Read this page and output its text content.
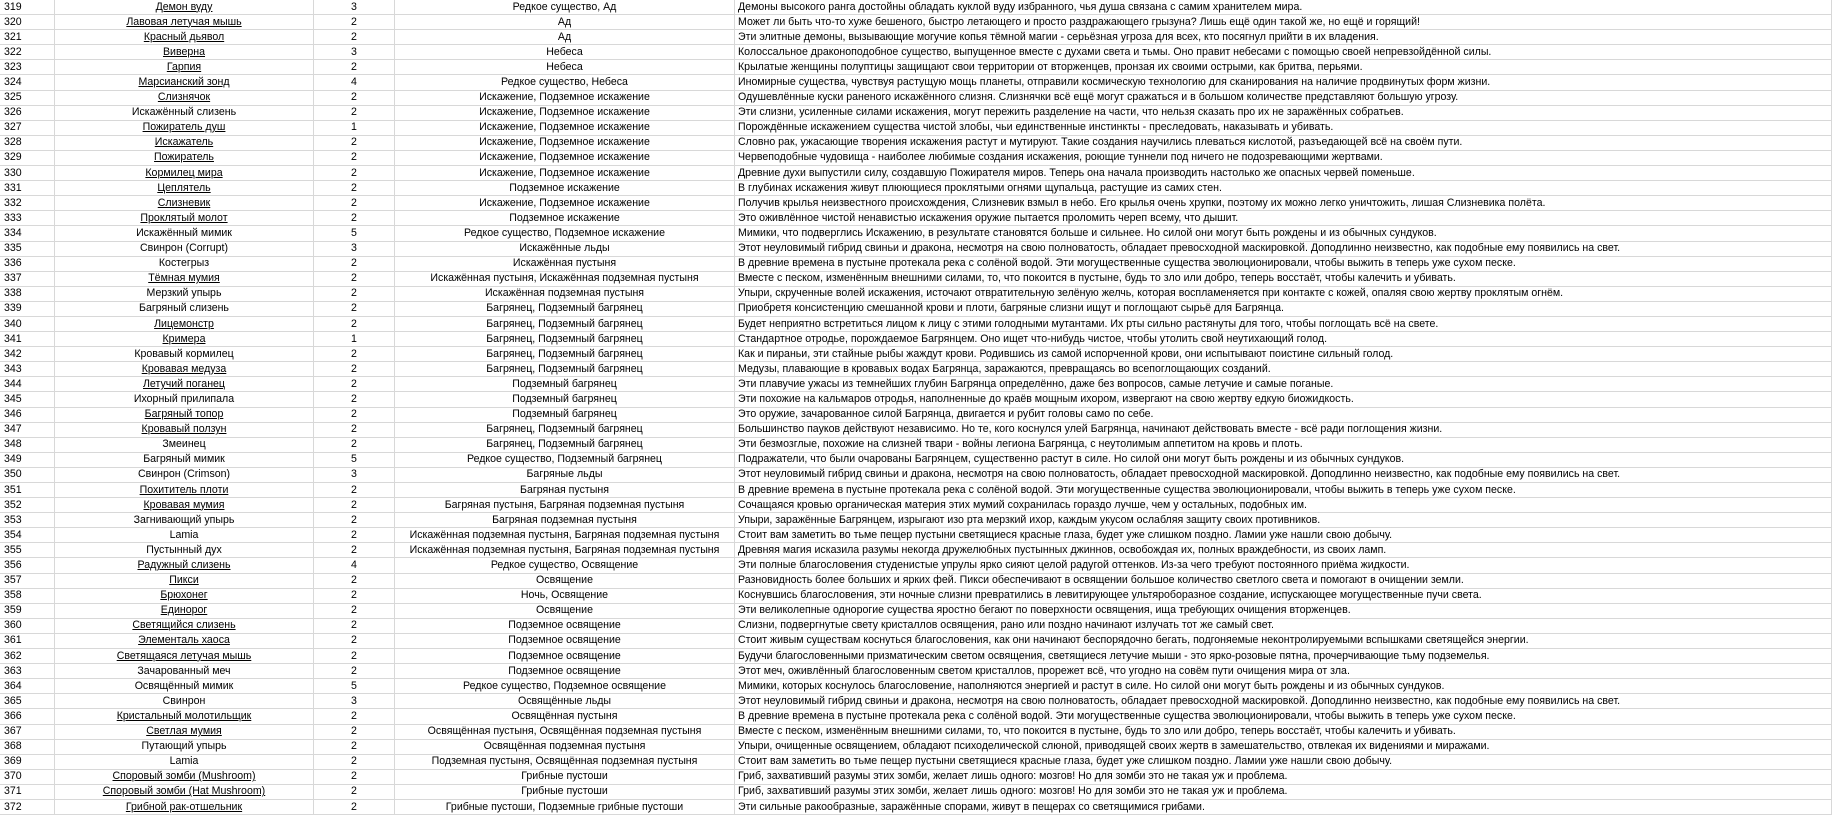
319	Демон вуду	3	Редкое существо, Ад	Демоны высокого ранга достойны обладать куклой вуду избранного, чья душа связана с самим хранителем мира.
320	Лавовая летучая мышь	2	Ад	Может ли быть что-то хуже бешеного, быстро летающего и просто раздражающего грызуна? Лишь ещё один такой же, но ещё и горящий!
321	Красный дьявол	2	Ад	Эти элитные демоны, вызывающие могучие копья тёмной магии - серьёзная угроза для всех, кто посягнул прийти в их владения.
322	Виверна	3	Небеса	Колоссальное драконоподобное существо, выпущенное вместе с духами света и тьмы. Оно правит небесами с помощью своей непревзойдённой силы.
323	Гарпия	2	Небеса	Крылатые женщины полуптицы защищают свои территории от вторженцев, пронзая их своими острыми, как бритва, перьями.
324	Марсианский зонд	4	Редкое существо, Небеса	Иномирные существа, чувствуя растущую мощь планеты, отправили космическую технологию для сканирования на наличие продвинутых форм жизни.
325	Слизнячок	2	Искажение, Подземное искажение	Одушевлённые куски раненого искажённого слизня. Слизнячки всё ещё могут сражаться и в большом количестве представляют большую угрозу.
326	Искажённый слизень	2	Искажение, Подземное искажение	Эти слизни, усиленные силами искажения, могут пережить разделение на части, что нельзя сказать про их не заражённых собратьев.
327	Пожиратель душ	1	Искажение, Подземное искажение	Порождённые искажением существа чистой злобы, чьи единственные инстинкты - преследовать, наказывать и убивать.
328	Искажатель	2	Искажение, Подземное искажение	Словно рак, ужасающие творения искажения растут и мутируют. Такие создания научились плеваться кислотой, разъедающей всё на своём пути.
329	Пожиратель	2	Искажение, Подземное искажение	Червеподобные чудовища - наиболее любимые создания искажения, роющие туннели под ничего не подозревающими жертвами.
330	Кормилец мира	2	Искажение, Подземное искажение	Древние духи выпустили силу, создавшую Пожирателя миров. Теперь она начала производить настолько же опасных червей поменьше.
331	Цеплятель	2	Подземное искажение	В глубинах искажения живут плюющиеся проклятыми огнями щупальца, растущие из самих стен.
332	Слизневик	2	Искажение, Подземное искажение	Получив крылья неизвестного происхождения, Слизневик взмыл в небо. Его крылья очень хрупки, поэтому их можно легко уничтожить, лишая Слизневика полёта.
333	Проклятый молот	2	Подземное искажение	Это оживлённое чистой ненавистью искажения оружие пытается проломить череп всему, что дышит.
334	Искажённый мимик	5	Редкое существо, Подземное искажение	Мимики, что подверглись Искажению, в результате становятся больше и сильнее. Но силой они могут быть рождены и из обычных сундуков.
335	Свинрон (Corrupt)	3	Искажённые льды	Этот неуловимый гибрид свиньи и дракона, несмотря на свою полноватость, обладает превосходной маскировкой. Доподлинно неизвестно, как подобные ему появились на свет.
336	Костегрыз	2	Искажённая пустыня	В древние времена в пустыне протекала река с солёной водой. Эти могущественные существа эволюционировали, чтобы выжить в теперь уже сухом песке.
337	Тёмная мумия	2	Искажённая пустыня, Искажённая подземная пустыня	Вместе с песком, изменённым внешними силами, то, что покоится в пустыне, будь то зло или добро, теперь восстаёт, чтобы калечить и убивать.
338	Мерзкий упырь	2	Искажённая подземная пустыня	Упыри, скрученные волей искажения, источают отвратительную зелёную желчь, которая воспламеняется при контакте с кожей, опаляя свою жертву проклятым огнём.
339	Багряный слизень	2	Багрянец, Подземный багрянец	Приобретя консистенцию смешанной крови и плоти, багряные слизни ищут и поглощают сырьё для Багрянца.
340	Лицемонстр	2	Багрянец, Подземный багрянец	Будет неприятно встретиться лицом к лицу с этими голодными мутантами. Их рты сильно растянуты для того, чтобы поглощать всё на свете.
341	Кримера	1	Багрянец, Подземный багрянец	Стандартное отродье, порождаемое Багрянцем. Оно ищет что-нибудь чистое, чтобы утолить свой неутихающий голод.
342	Кровавый кормилец	2	Багрянец, Подземный багрянец	Как и пираньи, эти стайные рыбы жаждут крови. Родившись из самой испорченной крови, они испытывают поистине сильный голод.
343	Кровавая медуза	2	Багрянец, Подземный багрянец	Медузы, плавающие в кровавых водах Багрянца, заражаются, превращаясь во всепоглощающих созданий.
344	Летучий поганец	2	Подземный багрянец	Эти плавучие ужасы из темнейших глубин Багрянца определённо, даже без вопросов, самые летучие и самые поганые.
345	Ихорный прилипала	2	Подземный багрянец	Эти похожие на кальмаров отродья, наполненные до краёв мощным ихором, извергают на свою жертву едкую биожидкость.
346	Багряный топор	2	Подземный багрянец	Это оружие, зачарованное силой Багрянца, двигается и рубит головы само по себе.
347	Кровавый ползун	2	Багрянец, Подземный багрянец	Большинство пауков действуют независимо. Но те, кого коснулся улей Багрянца, начинают действовать вместе - всё ради поглощения жизни.
348	Змеинец	2	Багрянец, Подземный багрянец	Эти безмозглые, похожие на слизней твари - войны легиона Багрянца, с неутолимым аппетитом на кровь и плоть.
349	Багряный мимик	5	Редкое существо, Подземный багрянец	Подражатели, что были очарованы Багрянцем, существенно растут в силе. Но силой они могут быть рождены и из обычных сундуков.
350	Свинрон (Crimson)	3	Багряные льды	Этот неуловимый гибрид свиньи и дракона, несмотря на свою полноватость, обладает превосходной маскировкой. Доподлинно неизвестно, как подобные ему появились на свет.
351	Похититель плоти	2	Багряная пустыня	В древние времена в пустыне протекала река с солёной водой. Эти могущественные существа эволюционировали, чтобы выжить в теперь уже сухом песке.
352	Кровавая мумия	2	Багряная пустыня, Багряная подземная пустыня	Сочащаяся кровью органическая материя этих мумий сохранилась гораздо лучше, чем у остальных, подобных им.
353	Загнивающий упырь	2	Багряная подземная пустыня	Упыри, заражённые Багрянцем, изрыгают изо рта мерзкий ихор, каждым укусом ослабляя защиту своих противников.
354	Lamia	2	Искажённая подземная пустыня, Багряная подземная пустыня	Стоит вам заметить во тьме пещер пустыни светящиеся красные глаза, будет уже слишком поздно. Ламии уже нашли свою добычу.
355	Пустынный дух	2	Искажённая подземная пустыня, Багряная подземная пустыня	Древняя магия исказила разумы некогда дружелюбных пустынных джиннов, освобождая их, полных враждебности, из своих ламп.
356	Радужный слизень	4	Редкое существо, Освящение	Эти полные благословения студенистые упрулы ярко сияют целой радугой оттенков. Из-за чего требуют постоянного приёма жидкости.
357	Пикси	2	Освящение	Разновидность более больших и ярких фей. Пикси обеспечивают в освящении большое количество светлого света и помогают в очищении земли.
358	Брюхонег	2	Ночь, Освящение	Коснувшись благословения, эти ночные слизни превратились в левитирующее ультяроборазное создание, испускающее могущественные пучи света.
359	Единорог	2	Освящение	Эти великолепные однорогие существа яростно бегают по поверхности освящения, ища требующих очищения вторженцев.
360	Светящийся слизень	2	Подземное освящение	Слизни, подвергнутые свету кристаллов освящения, рано или поздно начинают излучать тот же самый свет.
361	Элементаль хаоса	2	Подземное освящение	Стоит живым существам коснуться благословения, как они начинают беспорядочно бегать, подгоняемые неконтролируемыми вспышками светящейся энергии.
362	Светящаяся летучая мышь	2	Подземное освящение	Будучи благословенными призматическим светом освящения, светящиеся летучие мыши - это ярко-розовые пятна, прочерчивающие тьму подземелья.
363	Зачарованный меч	2	Подземное освящение	Этот меч, оживлённый благословенным светом кристаллов, прорежет всё, что угодно на совём пути очищения мира от зла.
364	Освящённый мимик	5	Редкое существо, Подземное освящение	Мимики, которых коснулось благословение, наполняются энергией и растут в силе. Но силой они могут быть рождены и из обычных сундуков.
365	Свинрон	3	Освящённые льды	Этот неуловимый гибрид свиньи и дракона, несмотря на свою полноватость, обладает превосходной маскировкой. Доподлинно неизвестно, как подобные ему появились на свет.
366	Кристальный молотильщик	2	Освящённая пустыня	В древние времена в пустыне протекала река с солёной водой. Эти могущественные существа эволюционировали, чтобы выжить в теперь уже сухом песке.
367	Светлая мумия	2	Освящённая пустыня, Освящённая подземная пустыня	Вместе с песком, изменённым внешними силами, то, что покоится в пустыне, будь то зло или добро, теперь восстаёт, чтобы калечить и убивать.
368	Путающий упырь	2	Освящённая подземная пустыня	Упыри, очищенные освящением, обладают психоделической слюной, приводящей своих жертв в замешательство, отвлекая их видениями и миражами.
369	Lamia	2	Подземная пустыня, Освящённая подземная пустыня	Стоит вам заметить во тьме пещер пустыни светящиеся красные глаза, будет уже слишком поздно. Ламии уже нашли свою добычу.
370	Споровый зомби (Mushroom)	2	Грибные пустоши	Гриб, захвативший разумы этих зомби, желает лишь одного: мозгов! Но для зомби это не такая уж и проблема.
371	Споровый зомби (Hat Mushroom)	2	Грибные пустоши	Гриб, захвативший разумы этих зомби, желает лишь одного: мозгов! Но для зомби это не такая уж и проблема.
372	Грибной рак-отшельник	2	Грибные пустоши, Подземные грибные пустоши	Эти сильные ракообразные, заражённые спорами, живут в пещерах со светящимися грибами.
